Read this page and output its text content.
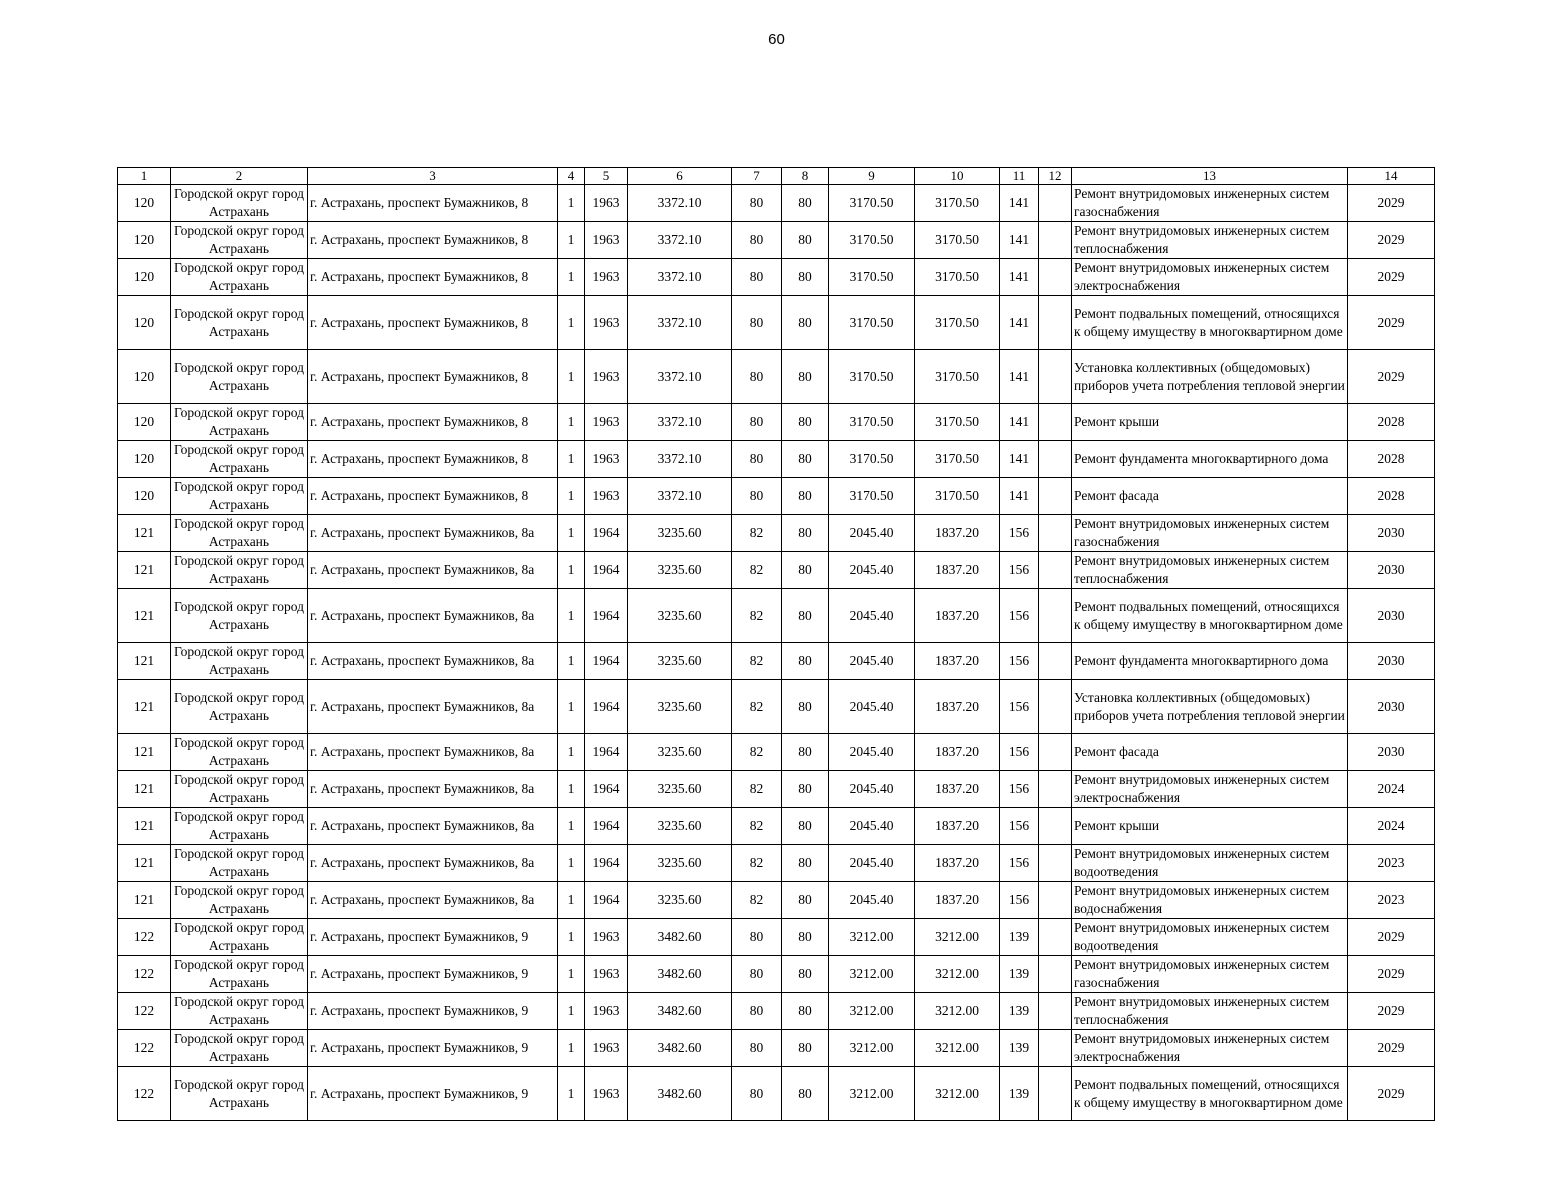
60
1	2	3	4	5	6	7	8	9	10	11	12	13	14
120	Городской округ город Астрахань	г. Астрахань, проспект Бумажников, 8	1	1963	3372.10	80	80	3170.50	3170.50	141		Ремонт внутридомовых инженерных систем газоснабжения	2029
120	Городской округ город Астрахань	г. Астрахань, проспект Бумажников, 8	1	1963	3372.10	80	80	3170.50	3170.50	141		Ремонт внутридомовых инженерных систем теплоснабжения	2029
120	Городской округ город Астрахань	г. Астрахань, проспект Бумажников, 8	1	1963	3372.10	80	80	3170.50	3170.50	141		Ремонт внутридомовых инженерных систем электроснабжения	2029
120	Городской округ город Астрахань	г. Астрахань, проспект Бумажников, 8	1	1963	3372.10	80	80	3170.50	3170.50	141		Ремонт подвальных помещений, относящихся к общему имуществу в многоквартирном доме	2029
120	Городской округ город Астрахань	г. Астрахань, проспект Бумажников, 8	1	1963	3372.10	80	80	3170.50	3170.50	141		Установка коллективных (общедомовых) приборов учета потребления тепловой энергии	2029
120	Городской округ город Астрахань	г. Астрахань, проспект Бумажников, 8	1	1963	3372.10	80	80	3170.50	3170.50	141		Ремонт крыши	2028
120	Городской округ город Астрахань	г. Астрахань, проспект Бумажников, 8	1	1963	3372.10	80	80	3170.50	3170.50	141		Ремонт фундамента многоквартирного дома	2028
120	Городской округ город Астрахань	г. Астрахань, проспект Бумажников, 8	1	1963	3372.10	80	80	3170.50	3170.50	141		Ремонт фасада	2028
121	Городской округ город Астрахань	г. Астрахань, проспект Бумажников, 8а	1	1964	3235.60	82	80	2045.40	1837.20	156		Ремонт внутридомовых инженерных систем газоснабжения	2030
121	Городской округ город Астрахань	г. Астрахань, проспект Бумажников, 8а	1	1964	3235.60	82	80	2045.40	1837.20	156		Ремонт внутридомовых инженерных систем теплоснабжения	2030
121	Городской округ город Астрахань	г. Астрахань, проспект Бумажников, 8а	1	1964	3235.60	82	80	2045.40	1837.20	156		Ремонт подвальных помещений, относящихся к общему имуществу в многоквартирном доме	2030
121	Городской округ город Астрахань	г. Астрахань, проспект Бумажников, 8а	1	1964	3235.60	82	80	2045.40	1837.20	156		Ремонт фундамента многоквартирного дома	2030
121	Городской округ город Астрахань	г. Астрахань, проспект Бумажников, 8а	1	1964	3235.60	82	80	2045.40	1837.20	156		Установка коллективных (общедомовых) приборов учета потребления тепловой энергии	2030
121	Городской округ город Астрахань	г. Астрахань, проспект Бумажников, 8а	1	1964	3235.60	82	80	2045.40	1837.20	156		Ремонт фасада	2030
121	Городской округ город Астрахань	г. Астрахань, проспект Бумажников, 8а	1	1964	3235.60	82	80	2045.40	1837.20	156		Ремонт внутридомовых инженерных систем электроснабжения	2024
121	Городской округ город Астрахань	г. Астрахань, проспект Бумажников, 8а	1	1964	3235.60	82	80	2045.40	1837.20	156		Ремонт крыши	2024
121	Городской округ город Астрахань	г. Астрахань, проспект Бумажников, 8а	1	1964	3235.60	82	80	2045.40	1837.20	156		Ремонт внутридомовых инженерных систем водоотведения	2023
121	Городской округ город Астрахань	г. Астрахань, проспект Бумажников, 8а	1	1964	3235.60	82	80	2045.40	1837.20	156		Ремонт внутридомовых инженерных систем водоснабжения	2023
122	Городской округ город Астрахань	г. Астрахань, проспект Бумажников, 9	1	1963	3482.60	80	80	3212.00	3212.00	139		Ремонт внутридомовых инженерных систем водоотведения	2029
122	Городской округ город Астрахань	г. Астрахань, проспект Бумажников, 9	1	1963	3482.60	80	80	3212.00	3212.00	139		Ремонт внутридомовых инженерных систем газоснабжения	2029
122	Городской округ город Астрахань	г. Астрахань, проспект Бумажников, 9	1	1963	3482.60	80	80	3212.00	3212.00	139		Ремонт внутридомовых инженерных систем теплоснабжения	2029
122	Городской округ город Астрахань	г. Астрахань, проспект Бумажников, 9	1	1963	3482.60	80	80	3212.00	3212.00	139		Ремонт внутридомовых инженерных систем электроснабжения	2029
122	Городской округ город Астрахань	г. Астрахань, проспект Бумажников, 9	1	1963	3482.60	80	80	3212.00	3212.00	139		Ремонт подвальных помещений, относящихся к общему имуществу в многоквартирном доме	2029
